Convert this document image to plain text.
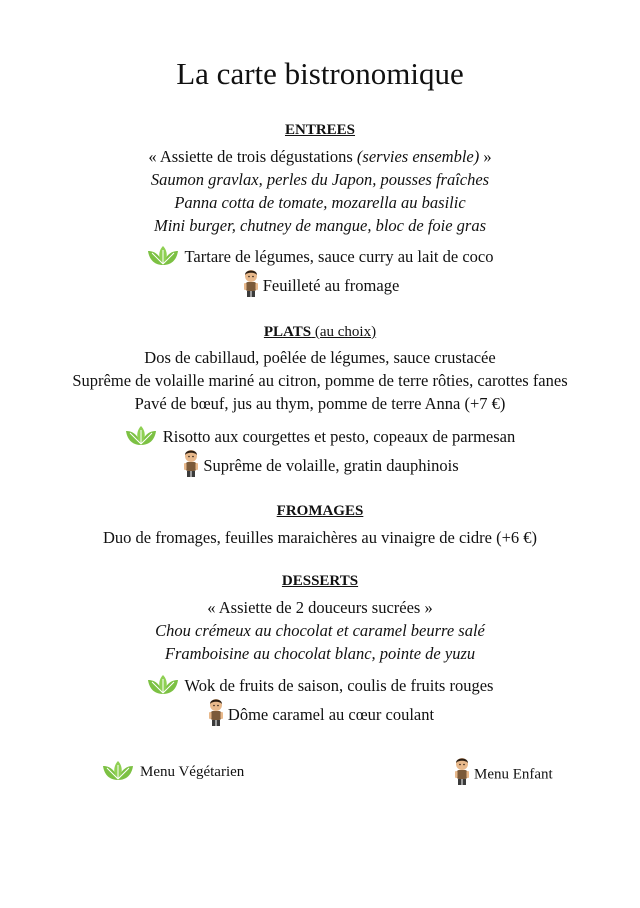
La carte bistronomique
ENTREES
« Assiette de trois dégustations (servies ensemble) »
Saumon gravlax, perles du Japon, pousses fraîches
Panna cotta de tomate, mozarella au basilic
Mini burger, chutney de mangue, bloc de foie gras
Tartare de légumes, sauce curry au lait de coco
Feuilleté au fromage
PLATS (au choix)
Dos de cabillaud, poêlée de légumes, sauce crustacée
Suprême de volaille mariné au citron, pomme de terre rôties, carottes fanes
Pavé de bœuf, jus au thym, pomme de terre Anna (+7 €)
Risotto aux courgettes et pesto, copeaux de parmesan
Suprême de volaille, gratin dauphinois
FROMAGES
Duo de fromages, feuilles maraichères au vinaigre de cidre (+6 €)
DESSERTS
« Assiette de 2 douceurs sucrées »
Chou crémeux au chocolat et caramel beurre salé
Framboisine au chocolat blanc, pointe de yuzu
Wok de fruits de saison, coulis de fruits rouges
Dôme caramel au cœur coulant
Menu Végétarien	Menu Enfant
